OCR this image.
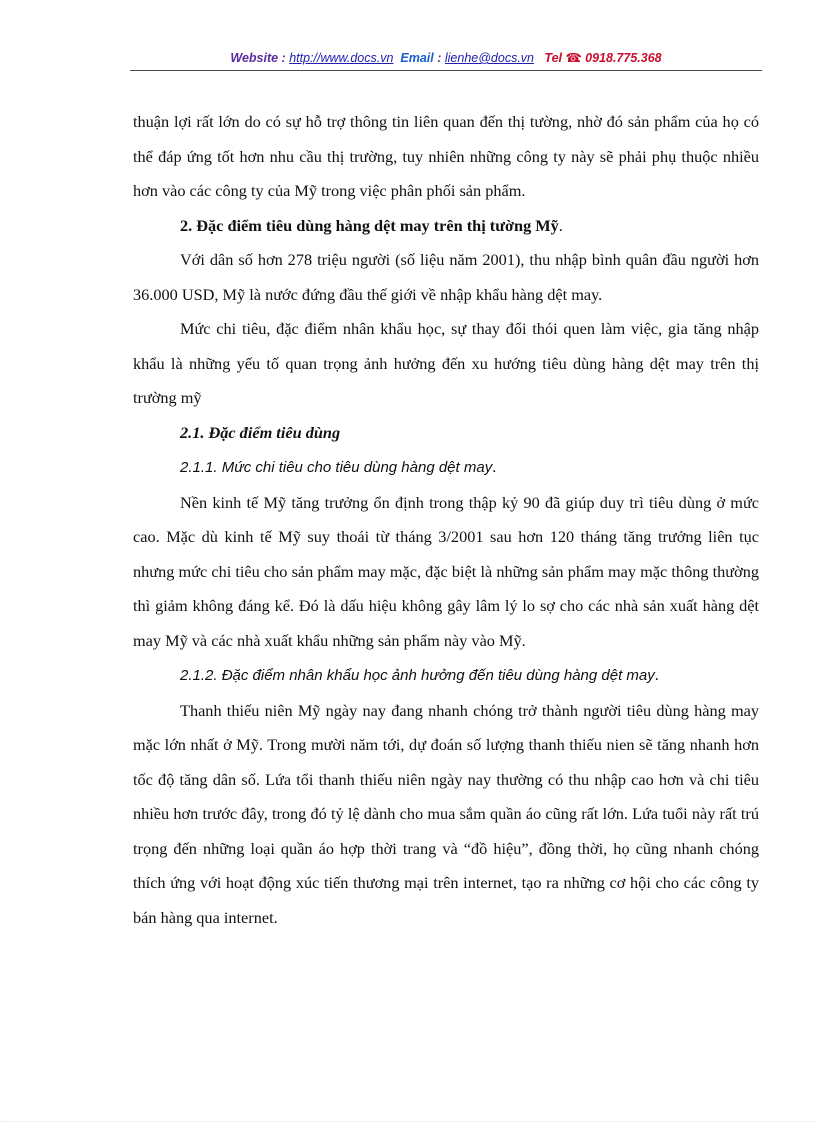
Website : http://www.docs.vn Email : lienhe@docs.vn Tel ☎: 0918.775.368

thuận lợi rất lớn do có sự hỗ trợ thông tin liên quan đến thị tường, nhờ đó sản phẩm của họ có thể đáp ứng tốt hơn nhu cầu thị trường, tuy nhiên những công ty này sẽ phải phụ thuộc nhiều hơn vào các công ty của Mỹ trong việc phân phối sản phẩm.

2. Đặc điểm tiêu dùng hàng dệt may trên thị tường Mỹ.

Với dân số hơn 278 triệu người (số liệu năm 2001), thu nhập bình quân đầu người hơn 36.000 USD, Mỹ là nước đứng đầu thế giới về nhập khẩu hàng dệt may.

Mức chi tiêu, đặc điểm nhân khẩu học, sự thay đổi thói quen làm việc, gia tăng nhập khẩu là những yếu tố quan trọng ảnh hưởng đến xu hướng tiêu dùng hàng dệt may trên thị trường mỹ

2.1. Đặc điểm tiêu dùng

2.1.1. Mức chi tiêu cho tiêu dùng hàng dệt may.

Nền kinh tế Mỹ tăng trưởng ổn định trong thập kỷ 90 đã giúp duy trì tiêu dùng ở mức cao. Mặc dù kinh tế Mỹ suy thoái từ tháng 3/2001 sau hơn 120 tháng tăng trưởng liên tục nhưng mức chi tiêu cho sản phẩm may mặc, đặc biệt là những sản phẩm may mặc thông thường thì giảm không đáng kể. Đó là dấu hiệu không gây lâm lý lo sợ cho các nhà sản xuất hàng dệt may Mỹ và các nhà xuất khẩu những sản phẩm này vào Mỹ.

2.1.2. Đặc điểm nhân khẩu học ảnh hưởng đến tiêu dùng hàng dệt may.

Thanh thiếu niên Mỹ ngày nay đang nhanh chóng trở thành người tiêu dùng hàng may mặc lớn nhất ở Mỹ. Trong mười năm tới, dự đoán số lượng thanh thiếu nien sẽ tăng nhanh hơn tốc độ tăng dân số. Lứa tổi thanh thiếu niên ngày nay thường có thu nhập cao hơn và chi tiêu nhiều hơn trước đây, trong đó tỷ lệ dành cho mua sắm quần áo cũng rất lớn. Lứa tuổi này rất trú trọng đến những loại quần áo hợp thời trang và “đồ hiệu”, đồng thời, họ cũng nhanh chóng thích ứng với hoạt động xúc tiến thương mại trên internet, tạo ra những cơ hội cho các công ty bán hàng qua internet.
